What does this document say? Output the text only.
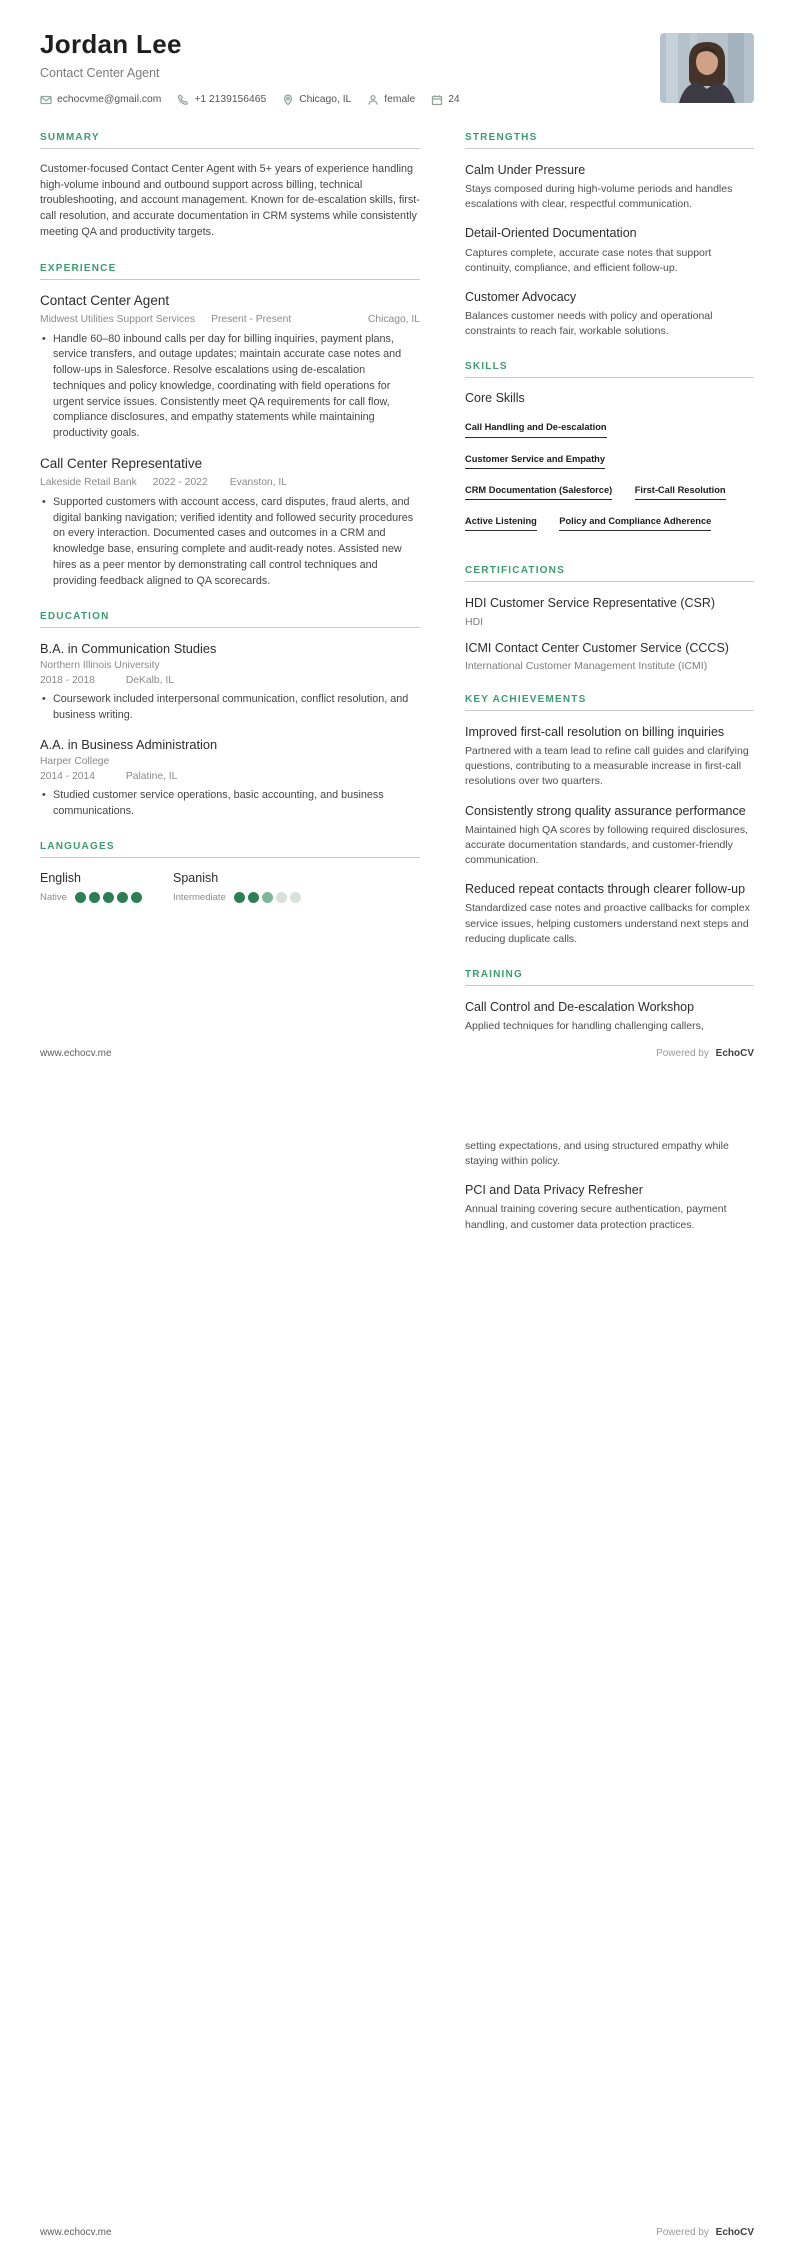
Jordan Lee
Contact Center Agent
echocvme@gmail.com	+1 2139156465	Chicago, IL	female	24
SUMMARY

Customer-focused Contact Center Agent with 5+ years of experience handling high-volume inbound and outbound support across billing, technical troubleshooting, and account management. Known for de-escalation skills, first-call resolution, and accurate documentation in CRM systems while consistently meeting QA and productivity targets.

EXPERIENCE
Contact Center Agent
Midwest Utilities Support Services Present - Present	Chicago, IL
• Handle 60–80 inbound calls per day for billing inquiries, payment plans, service transfers, and outage updates; maintain accurate case notes and follow-ups in Salesforce. Resolve escalations using de-escalation techniques and policy knowledge, coordinating with field operations for urgent service issues. Consistently meet QA requirements for call flow, compliance disclosures, and empathy statements while maintaining productivity goals.
Call Center Representative
Lakeside Retail Bank 2022 - 2022 Evanston, IL
• Supported customers with account access, card disputes, fraud alerts, and digital banking navigation; verified identity and followed security procedures on every interaction. Documented cases and outcomes in a CRM and knowledge base, ensuring complete and audit-ready notes. Assisted new hires as a peer mentor by demonstrating call control techniques and providing feedback aligned to QA scorecards.
EDUCATION
B.A. in Communication Studies
Northern Illinois University
2018 - 2018	DeKalb, IL
• Coursework included interpersonal communication, conflict resolution, and business writing.
A.A. in Business Administration
Harper College
2014 - 2014	Palatine, IL
• Studied customer service operations, basic accounting, and business communications.
LANGUAGES
English
Native
Spanish
Intermediate
STRENGTHS
Calm Under Pressure

Stays composed during high-volume periods and handles escalations with clear, respectful communication.

Detail-Oriented Documentation

Captures complete, accurate case notes that support continuity, compliance, and efficient follow-up.

Customer Advocacy

Balances customer needs with policy and operational constraints to reach fair, workable solutions.

SKILLS
Core Skills
Call Handling and De-escalation Customer Service and Empathy CRM Documentation (Salesforce) First-Call Resolution Active Listening Policy and Compliance Adherence
CERTIFICATIONS
HDI Customer Service Representative (CSR)

HDI

ICMI Contact Center Customer Service (CCCS)

International Customer Management Institute (ICMI)

KEY ACHIEVEMENTS
Improved first-call resolution on billing inquiries

Partnered with a team lead to refine call guides and clarifying questions, contributing to a measurable increase in first-call resolutions over two quarters.

Consistently strong quality assurance performance

Maintained high QA scores by following required disclosures, accurate documentation standards, and customer-friendly communication.

Reduced repeat contacts through clearer follow-up

Standardized case notes and proactive callbacks for complex service issues, helping customers understand next steps and reducing duplicate calls.

TRAINING
Call Control and De-escalation Workshop

Applied techniques for handling challenging callers,

www.echocv.me	Powered by EchoCV

setting expectations, and using structured empathy while staying within policy.

PCI and Data Privacy Refresher

Annual training covering secure authentication, payment handling, and customer data protection practices.

www.echocv.me	Powered by EchoCV
